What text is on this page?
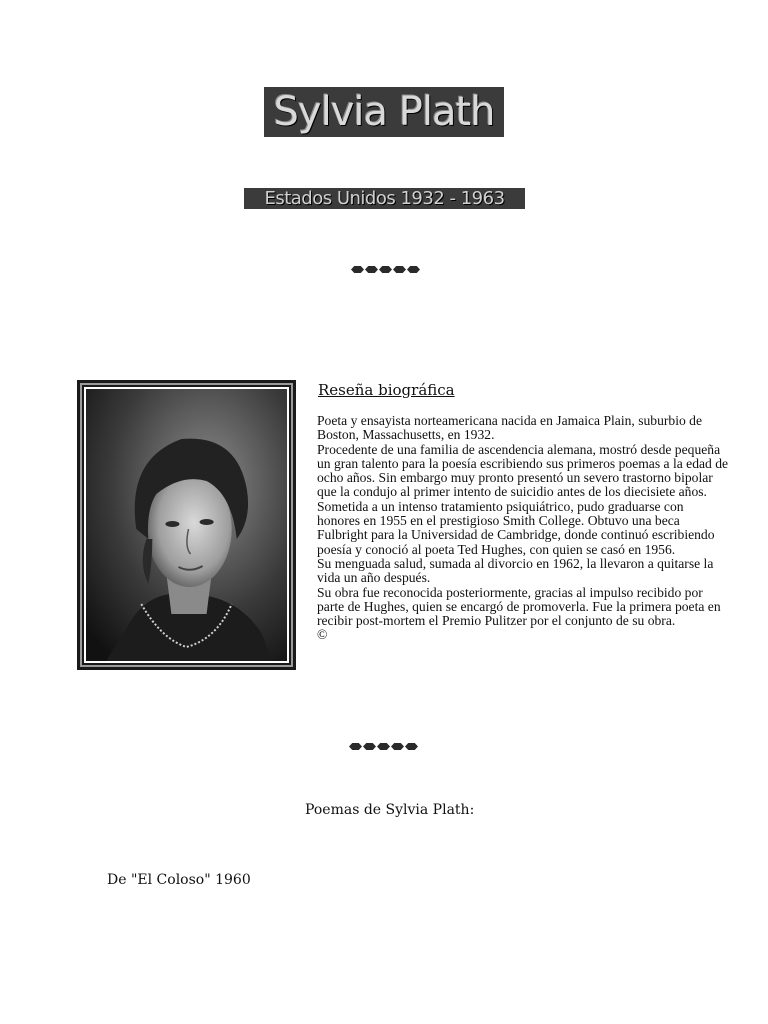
Sylvia Plath
Estados Unidos 1932 - 1963
Reseña biográfica

Poeta y ensayista norteamericana nacida en Jamaica Plain, suburbio de Boston, Massachusetts, en 1932.

Procedente de una familia de ascendencia alemana, mostró desde pequeña un gran talento para la poesía escribiendo sus primeros poemas a la edad de ocho años. Sin embargo muy pronto presentó un severo trastorno bipolar que la condujo al primer intento de suicidio antes de los diecisiete años. Sometida a un intenso tratamiento psiquiátrico, pudo graduarse con honores en 1955 en el prestigioso Smith College. Obtuvo una beca Fulbright para la Universidad de Cambridge, donde continuó escribiendo poesía y conoció al poeta Ted Hughes, con quien se casó en 1956.

Su menguada salud, sumada al divorcio en 1962, la llevaron a quitarse la vida un año después.

Su obra fue reconocida posteriormente, gracias al impulso recibido por parte de Hughes, quien se encargó de promoverla. Fue la primera poeta en recibir post-mortem el Premio Pulitzer por el conjunto de su obra.

©

Poemas de Sylvia Plath:
De "El Coloso" 1960
